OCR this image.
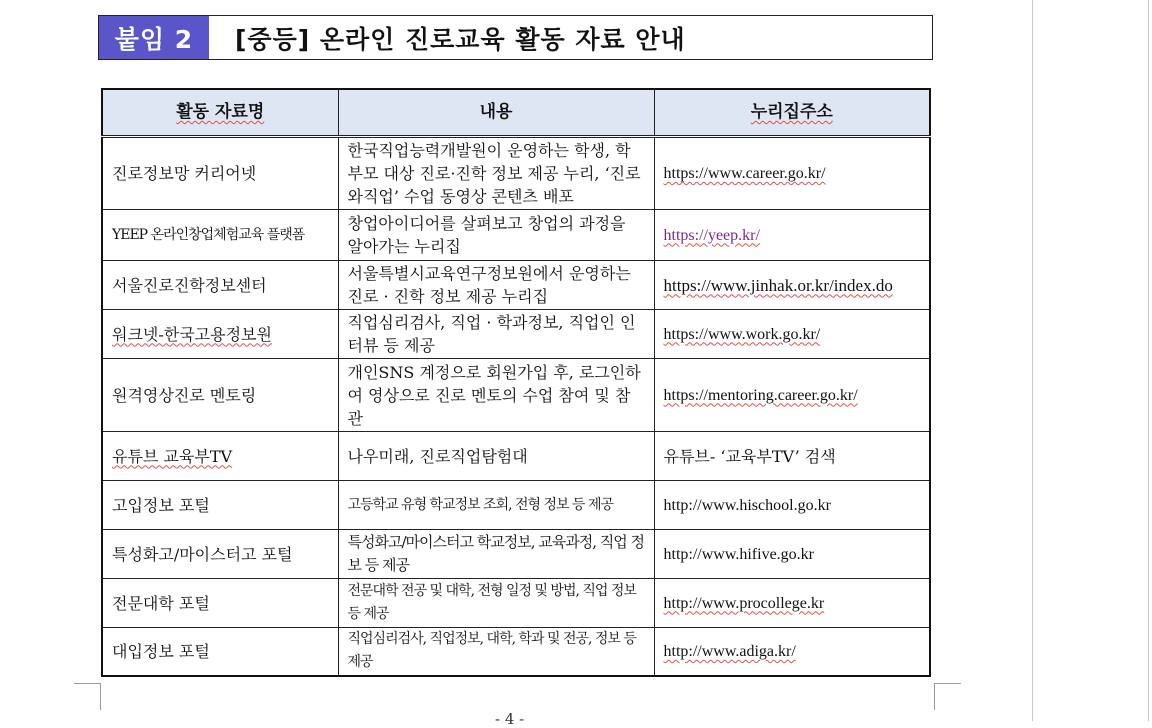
붙임 2	[중등] 온라인 진로교육 활동 자료 안내
활동 자료명	내용	누리집주소
진로정보망 커리어넷	한국직업능력개발원이 운영하는 학생, 학부모 대상 진로·진학 정보 제공 누리, ‘진로와직업’ 수업 동영상 콘텐츠 배포	https://www.career.go.kr/
YEEP 온라인창업체험교육 플랫폼	창업아이디어를 살펴보고 창업의 과정을 알아가는 누리집	https://yeep.kr/
서울진로진학정보센터	서울특별시교육연구정보원에서 운영하는 진로 · 진학 정보 제공 누리집	https://www.jinhak.or.kr/index.do
워크넷-한국고용정보원	직업심리검사, 직업 · 학과정보, 직업인 인터뷰 등 제공	https://www.work.go.kr/
원격영상진로 멘토링	개인SNS 계정으로 회원가입 후, 로그인하여 영상으로 진로 멘토의 수업 참여 및 참관	https://mentoring.career.go.kr/
유튜브 교육부TV	나우미래, 진로직업탐험대	유튜브- ‘교육부TV’ 검색
고입정보 포털	고등학교 유형 학교정보 조회, 전형 정보 등 제공	http://www.hischool.go.kr
특성화고/마이스터고 포털	특성화고/마이스터고 학교정보, 교육과정, 직업 정보 등 제공	http://www.hifive.go.kr
전문대학 포털	전문대학 전공 및 대학, 전형 일정 및 방법, 직업 정보 등 제공	http://www.procollege.kr
대입정보 포털	직업심리검사, 직업정보, 대학, 학과 및 전공, 정보 등 제공	http://www.adiga.kr/
- 4 -
